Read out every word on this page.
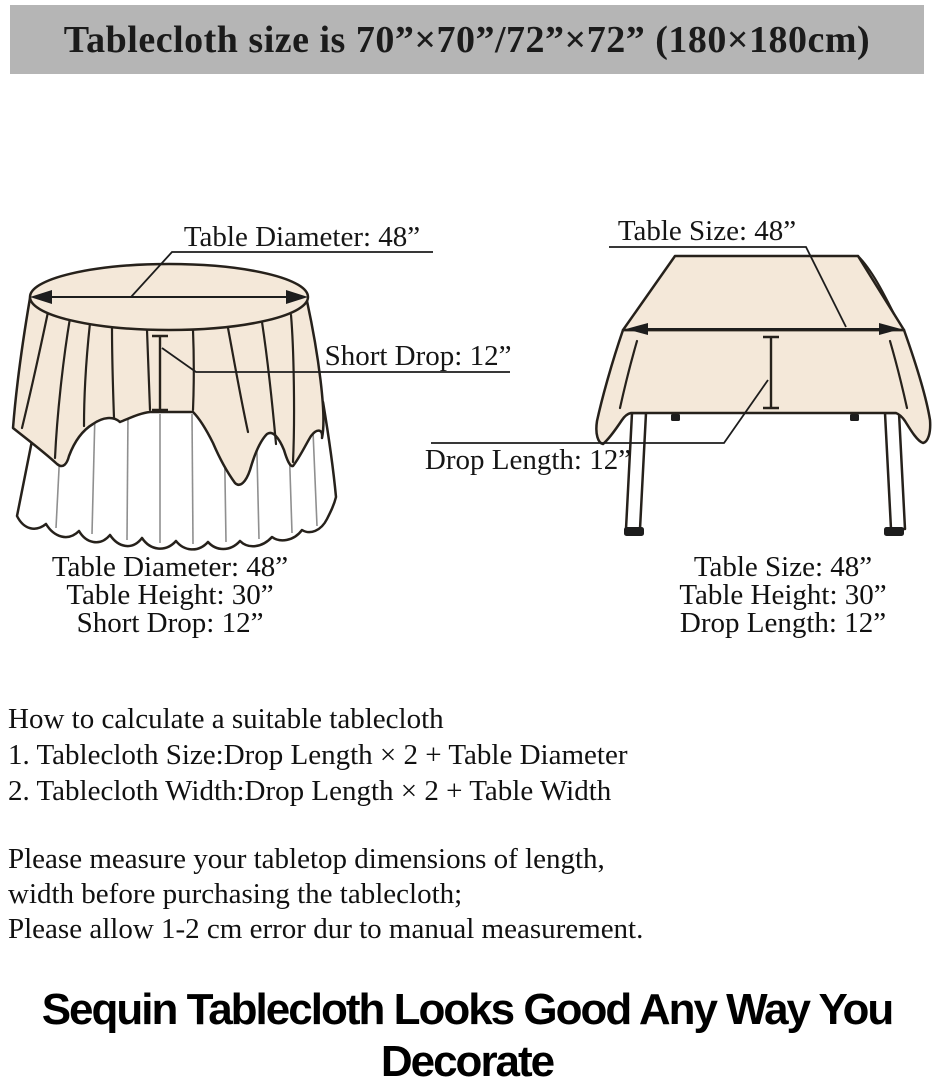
Tablecloth size is 70”×70”/72”×72” (180×180cm)
Table Diameter: 48”
Short Drop: 12”
Table Size: 48”
Drop Length: 12”
Table Diameter: 48”
Table Height: 30”
Short Drop: 12”
Table Size: 48”
Table Height: 30”
Drop Length: 12”
How to calculate a suitable tablecloth
1. Tablecloth Size:Drop Length × 2 + Table Diameter
2. Tablecloth Width:Drop Length × 2 + Table Width
Please measure your tabletop dimensions of length,
width before purchasing the tablecloth;
Please allow 1-2 cm error dur to manual measurement.
Sequin Tablecloth Looks Good Any Way You Decorate
